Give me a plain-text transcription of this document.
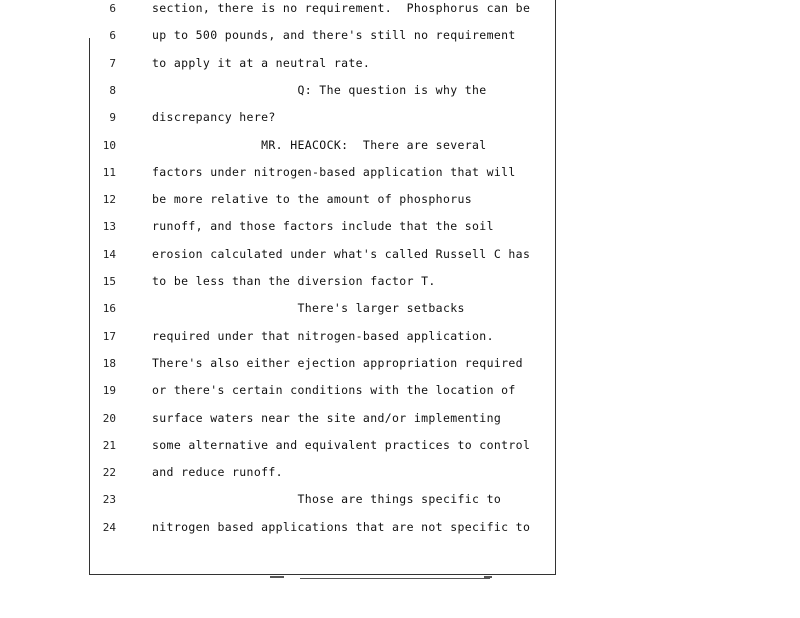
6	section, there is no requirement.  Phosphorus can be
6	up to 500 pounds, and there's still no requirement
7	to apply it at a neutral rate.
8	Q: The question is why the
9	discrepancy here?
10	MR. HEACOCK:  There are several
11	factors under nitrogen-based application that will
12	be more relative to the amount of phosphorus
13	runoff, and those factors include that the soil
14	erosion calculated under what's called Russell C has
15	to be less than the diversion factor T.
16	There's larger setbacks
17	required under that nitrogen-based application.
18	There's also either ejection appropriation required
19	or there's certain conditions with the location of
20	surface waters near the site and/or implementing
21	some alternative and equivalent practices to control
22	and reduce runoff.
23	Those are things specific to
24	nitrogen based applications that are not specific to
